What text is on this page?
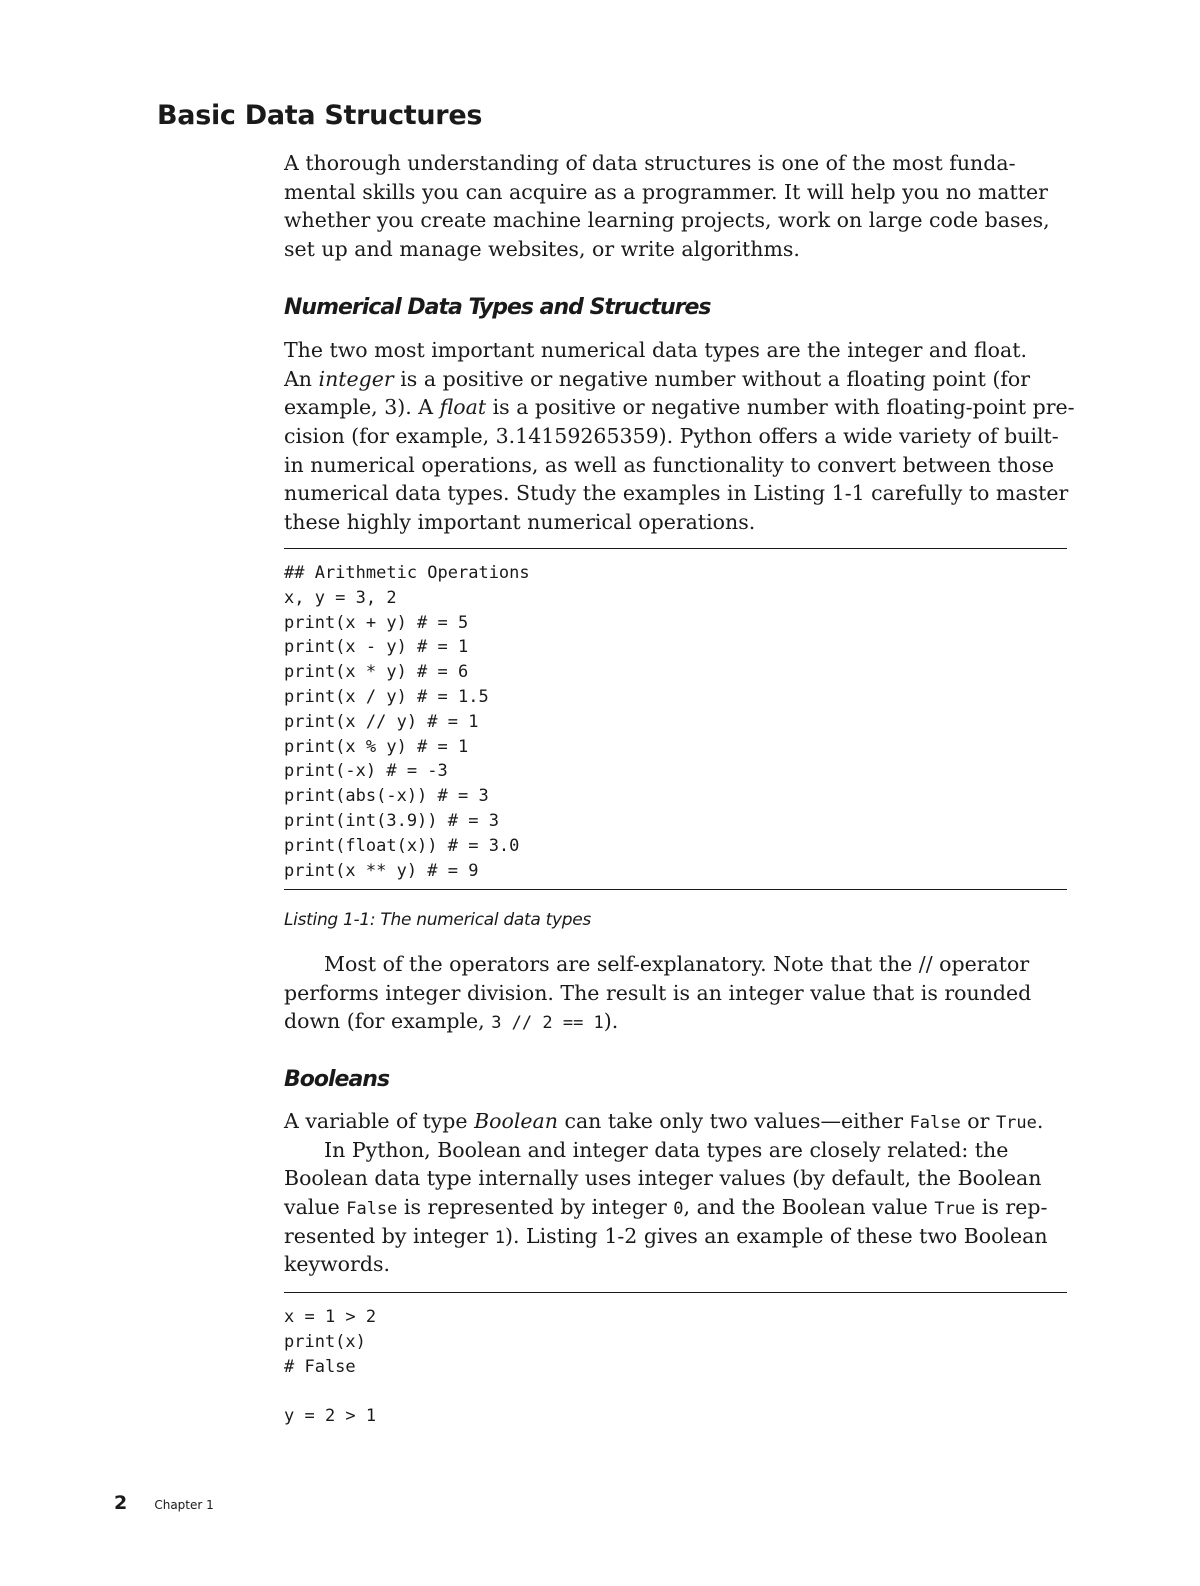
Basic Data Structures
A thorough understanding of data structures is one of the most funda-
mental skills you can acquire as a programmer. It will help you no matter
whether you create machine learning projects, work on large code bases,
set up and manage websites, or write algorithms.
Numerical Data Types and Structures
The two most important numerical data types are the integer and float.
An integer is a positive or negative number without a floating point (for
example, 3). A float is a positive or negative number with floating-point pre-
cision (for example, 3.14159265359). Python offers a wide variety of built-
in numerical operations, as well as functionality to convert between those
numerical data types. Study the examples in Listing 1-1 carefully to master
these highly important numerical operations.
## Arithmetic Operations
x, y = 3, 2
print(x + y) # = 5
print(x - y) # = 1
print(x * y) # = 6
print(x / y) # = 1.5
print(x // y) # = 1
print(x % y) # = 1
print(-x) # = -3
print(abs(-x)) # = 3
print(int(3.9)) # = 3
print(float(x)) # = 3.0
print(x ** y) # = 9

Listing 1-1: The numerical data types

Most of the operators are self-explanatory. Note that the // operator
performs integer division. The result is an integer value that is rounded
down (for example, 3 // 2 == 1).
Booleans
A variable of type Boolean can take only two values—either False or True.
In Python, Boolean and integer data types are closely related: the
Boolean data type internally uses integer values (by default, the Boolean
value False is represented by integer 0, and the Boolean value True is rep-
resented by integer 1). Listing 1-2 gives an example of these two Boolean
keywords.
x = 1 > 2
print(x)
# False
y = 2 > 1
2 Chapter 1
